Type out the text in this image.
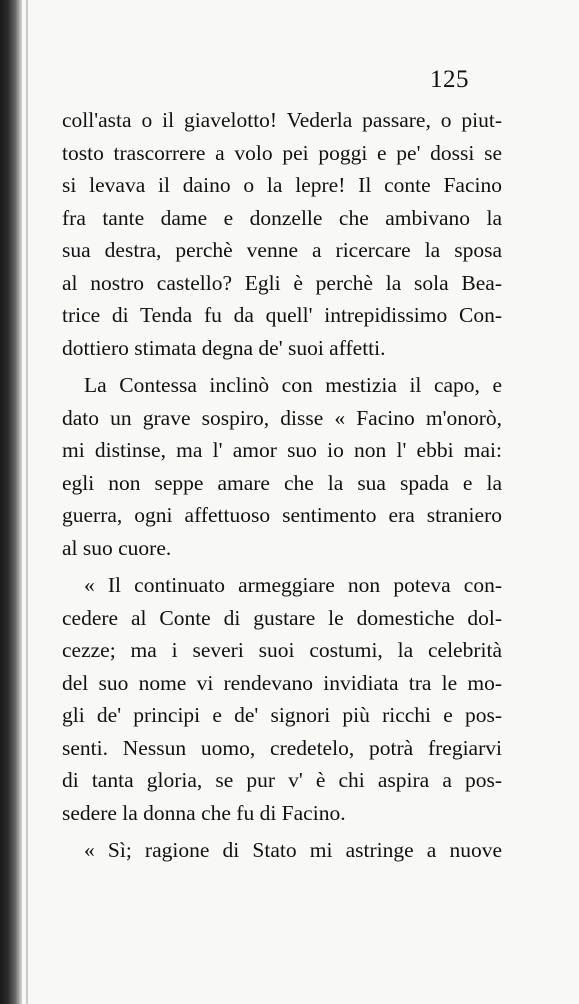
125
coll'asta o il giavelotto! Vederla passare, o piut-
tosto trascorrere a volo pei poggi e pe' dossi se
si levava il daino o la lepre! Il conte Facino
fra tante dame e donzelle che ambivano la
sua destra, perchè venne a ricercare la sposa
al nostro castello? Egli è perchè la sola Bea-
trice di Tenda fu da quell' intrepidissimo Con-
dottiero stimata degna de' suoi affetti.
La Contessa inclinò con mestizia il capo, e
dato un grave sospiro, disse « Facino m'onorò,
mi distinse, ma l' amor suo io non l' ebbi mai:
egli non seppe amare che la sua spada e la
guerra, ogni affettuoso sentimento era straniero
al suo cuore.
« Il continuato armeggiare non poteva con-
cedere al Conte di gustare le domestiche dol-
cezze; ma i severi suoi costumi, la celebrità
del suo nome vi rendevano invidiata tra le mo-
gli de' principi e de' signori più ricchi e pos-
senti. Nessun uomo, credetelo, potrà fregiarvi
di tanta gloria, se pur v' è chi aspira a pos-
sedere la donna che fu di Facino.
« Sì; ragione di Stato mi astringe a nuove
